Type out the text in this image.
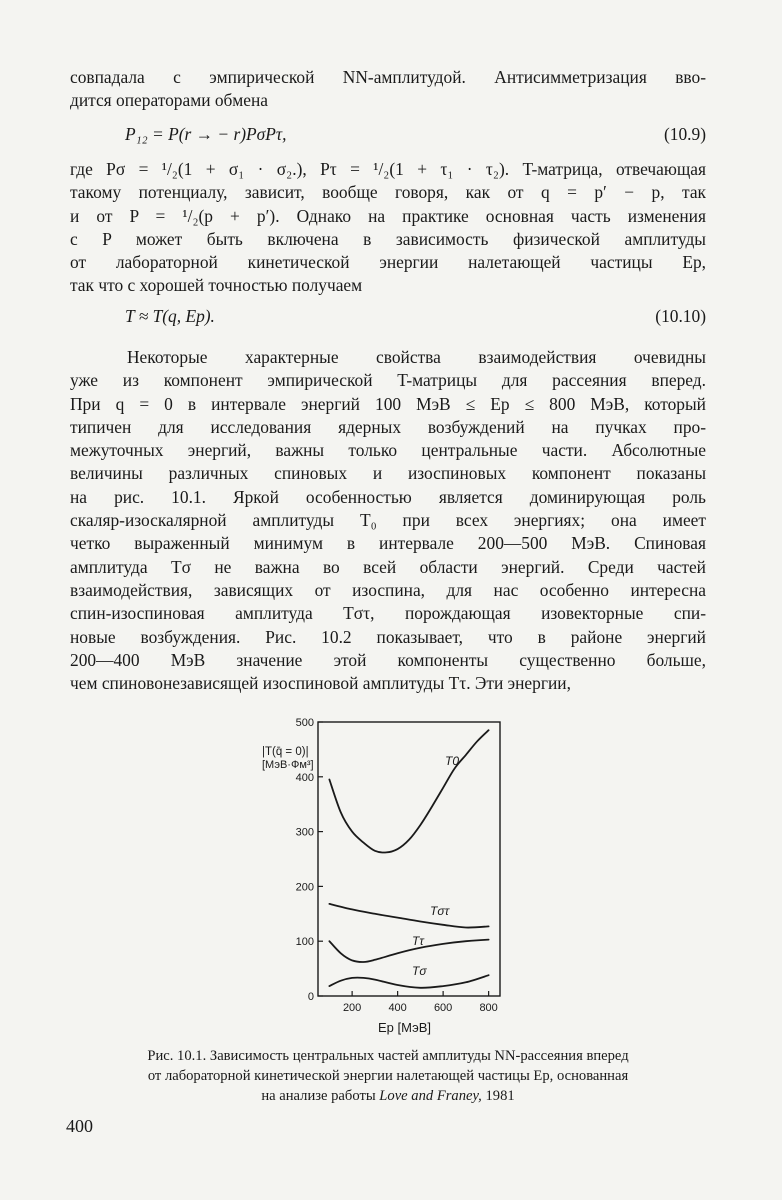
совпадала с эмпирической NN-амплитудой. Антисимметризация вво-
дится операторами обмена
P₁₂ = P(r → − r)PσPτ,	(10.9)
где Pσ = ¹/₂(1 + σ₁ · σ₂.), Pτ = ¹/₂(1 + τ₁ · τ₂). T-матрица, отвечающая
такому потенциалу, зависит, вообще говоря, как от q = p′ − p, так
и от P = ¹/₂(p + p′). Однако на практике основная часть изменения
с P может быть включена в зависимость физической амплитуды
от лабораторной кинетической энергии налетающей частицы Ep,
так что с хорошей точностью получаем
T ≈ T(q, Ep).	(10.10)
Некоторые характерные свойства взаимодействия очевидны
уже из компонент эмпирической T-матрицы для рассеяния вперед.
При q = 0 в интервале энергий 100 МэВ ≤ Ep ≤ 800 МэВ, который
типичен для исследования ядерных возбуждений на пучках про-
межуточных энергий, важны только центральные части. Абсолютные
величины различных спиновых и изоспиновых компонент показаны
на рис. 10.1. Яркой особенностью является доминирующая роль
скаляр-изоскалярной амплитуды T₀ при всех энергиях; она имеет
четко выраженный минимум в интервале 200—500 МэВ. Спиновая
амплитуда Tσ не важна во всей области энергий. Среди частей
взаимодействия, зависящих от изоспина, для нас особенно интересна
спин-изоспиновая амплитуда Tστ, порождающая изовекторные спи-
новые возбуждения. Рис. 10.2 показывает, что в районе энергий
200—400 МэВ значение этой компоненты существенно больше,
чем спиновонезависящей изоспиновой амплитуды Tτ. Эти энергии,
0
100
200
300
400
500
200 400 600 800
|T(q̄ = 0)|
[МэВ·Фм³]	T0
Tστ
Tτ
Tσ
Ep [МэВ]
Рис. 10.1. Зависимость центральных частей амплитуды NN-рассеяния вперед
от лабораторной кинетической энергии налетающей частицы Ep, основанная
на анализе работы Love and Franey, 1981
400
